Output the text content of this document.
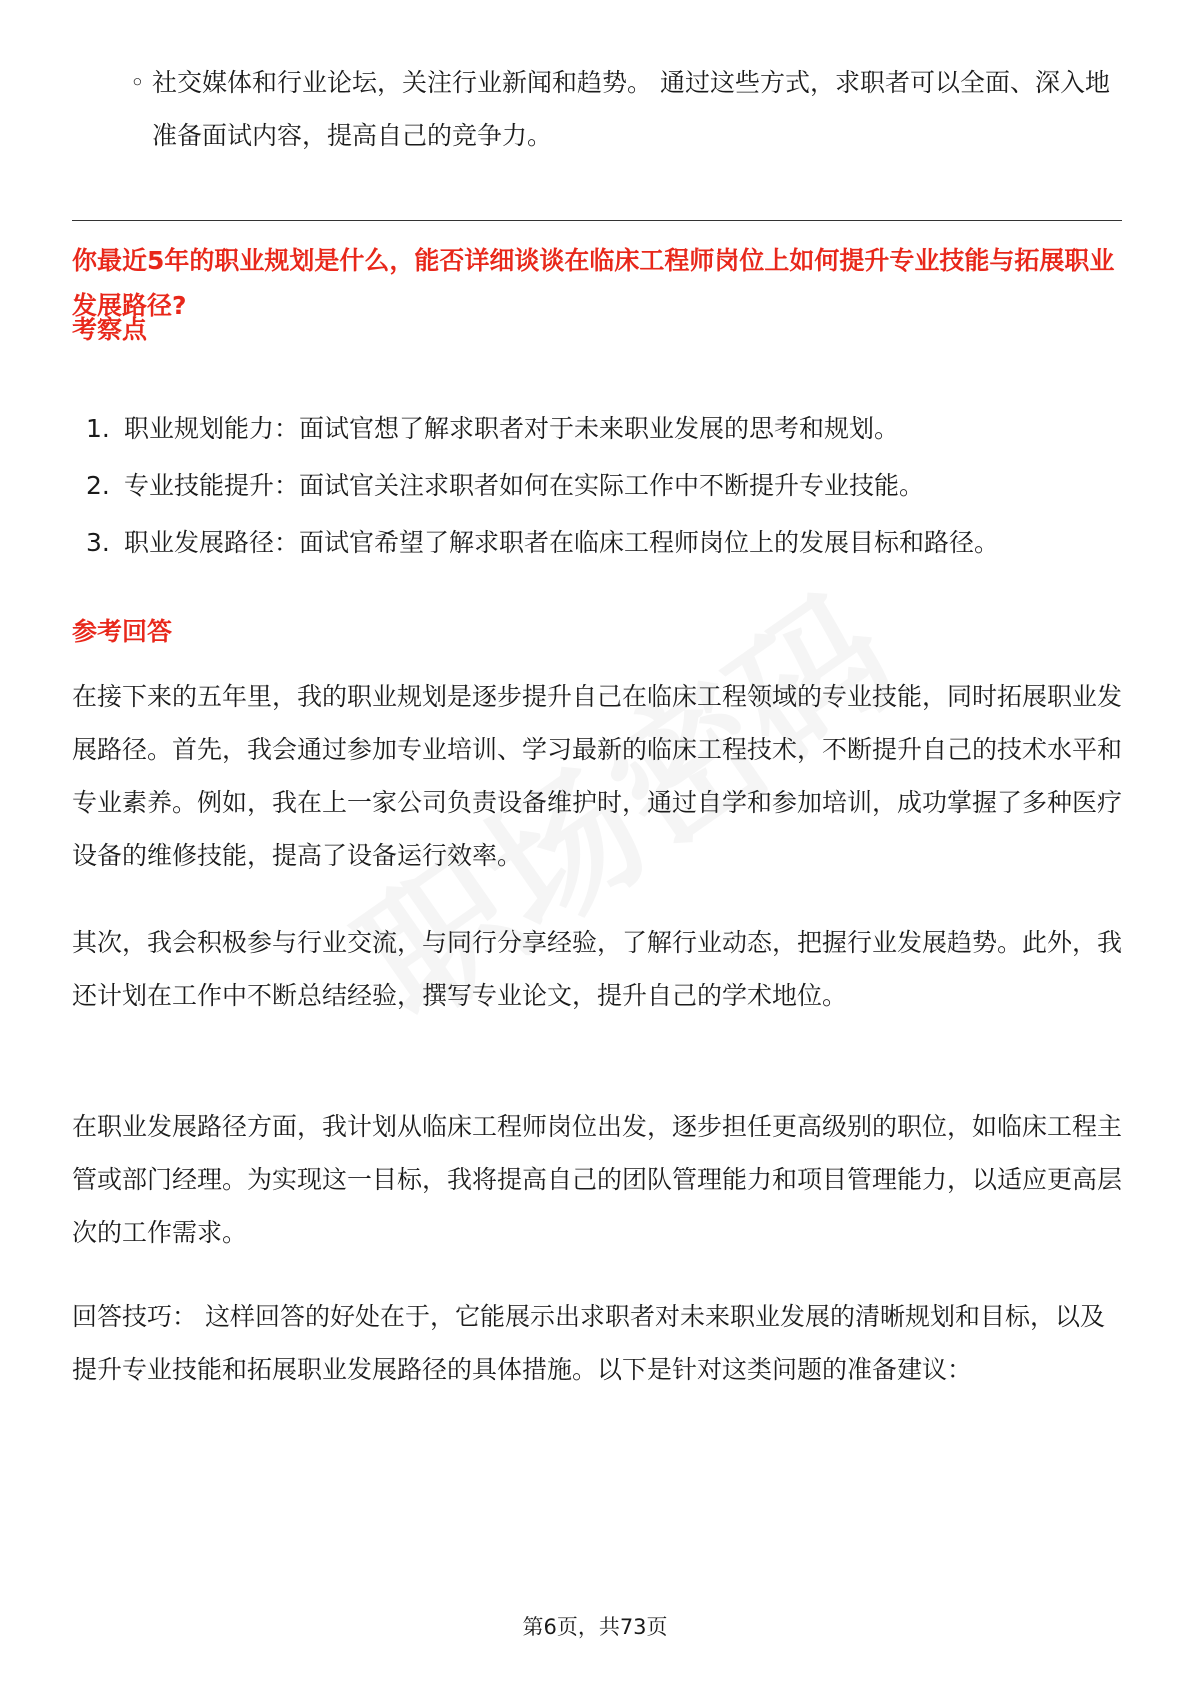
◦ 社交媒体和行业论坛，关注行业新闻和趋势。 通过这些方式，求职者可以全面、深入地准备面试内容，提高自己的竞争力。

你最近5年的职业规划是什么，能否详细谈谈在临床工程师岗位上如何提升专业技能与拓展职业发展路径?

考察点

1. 职业规划能力：面试官想了解求职者对于未来职业发展的思考和规划。
2. 专业技能提升：面试官关注求职者如何在实际工作中不断提升专业技能。
3. 职业发展路径：面试官希望了解求职者在临床工程师岗位上的发展目标和路径。

参考回答

在接下来的五年里，我的职业规划是逐步提升自己在临床工程领域的专业技能，同时拓展职业发展路径。首先，我会通过参加专业培训、学习最新的临床工程技术，不断提升自己的技术水平和专业素养。例如，我在上一家公司负责设备维护时，通过自学和参加培训，成功掌握了多种医疗设备的维修技能，提高了设备运行效率。

其次，我会积极参与行业交流，与同行分享经验，了解行业动态，把握行业发展趋势。此外，我还计划在工作中不断总结经验，撰写专业论文，提升自己的学术地位。

在职业发展路径方面，我计划从临床工程师岗位出发，逐步担任更高级别的职位，如临床工程主管或部门经理。为实现这一目标，我将提高自己的团队管理能力和项目管理能力，以适应更高层次的工作需求。

回答技巧： 这样回答的好处在于，它能展示出求职者对未来职业发展的清晰规划和目标，以及提升专业技能和拓展职业发展路径的具体措施。以下是针对这类问题的准备建议：

第6页，共73页
